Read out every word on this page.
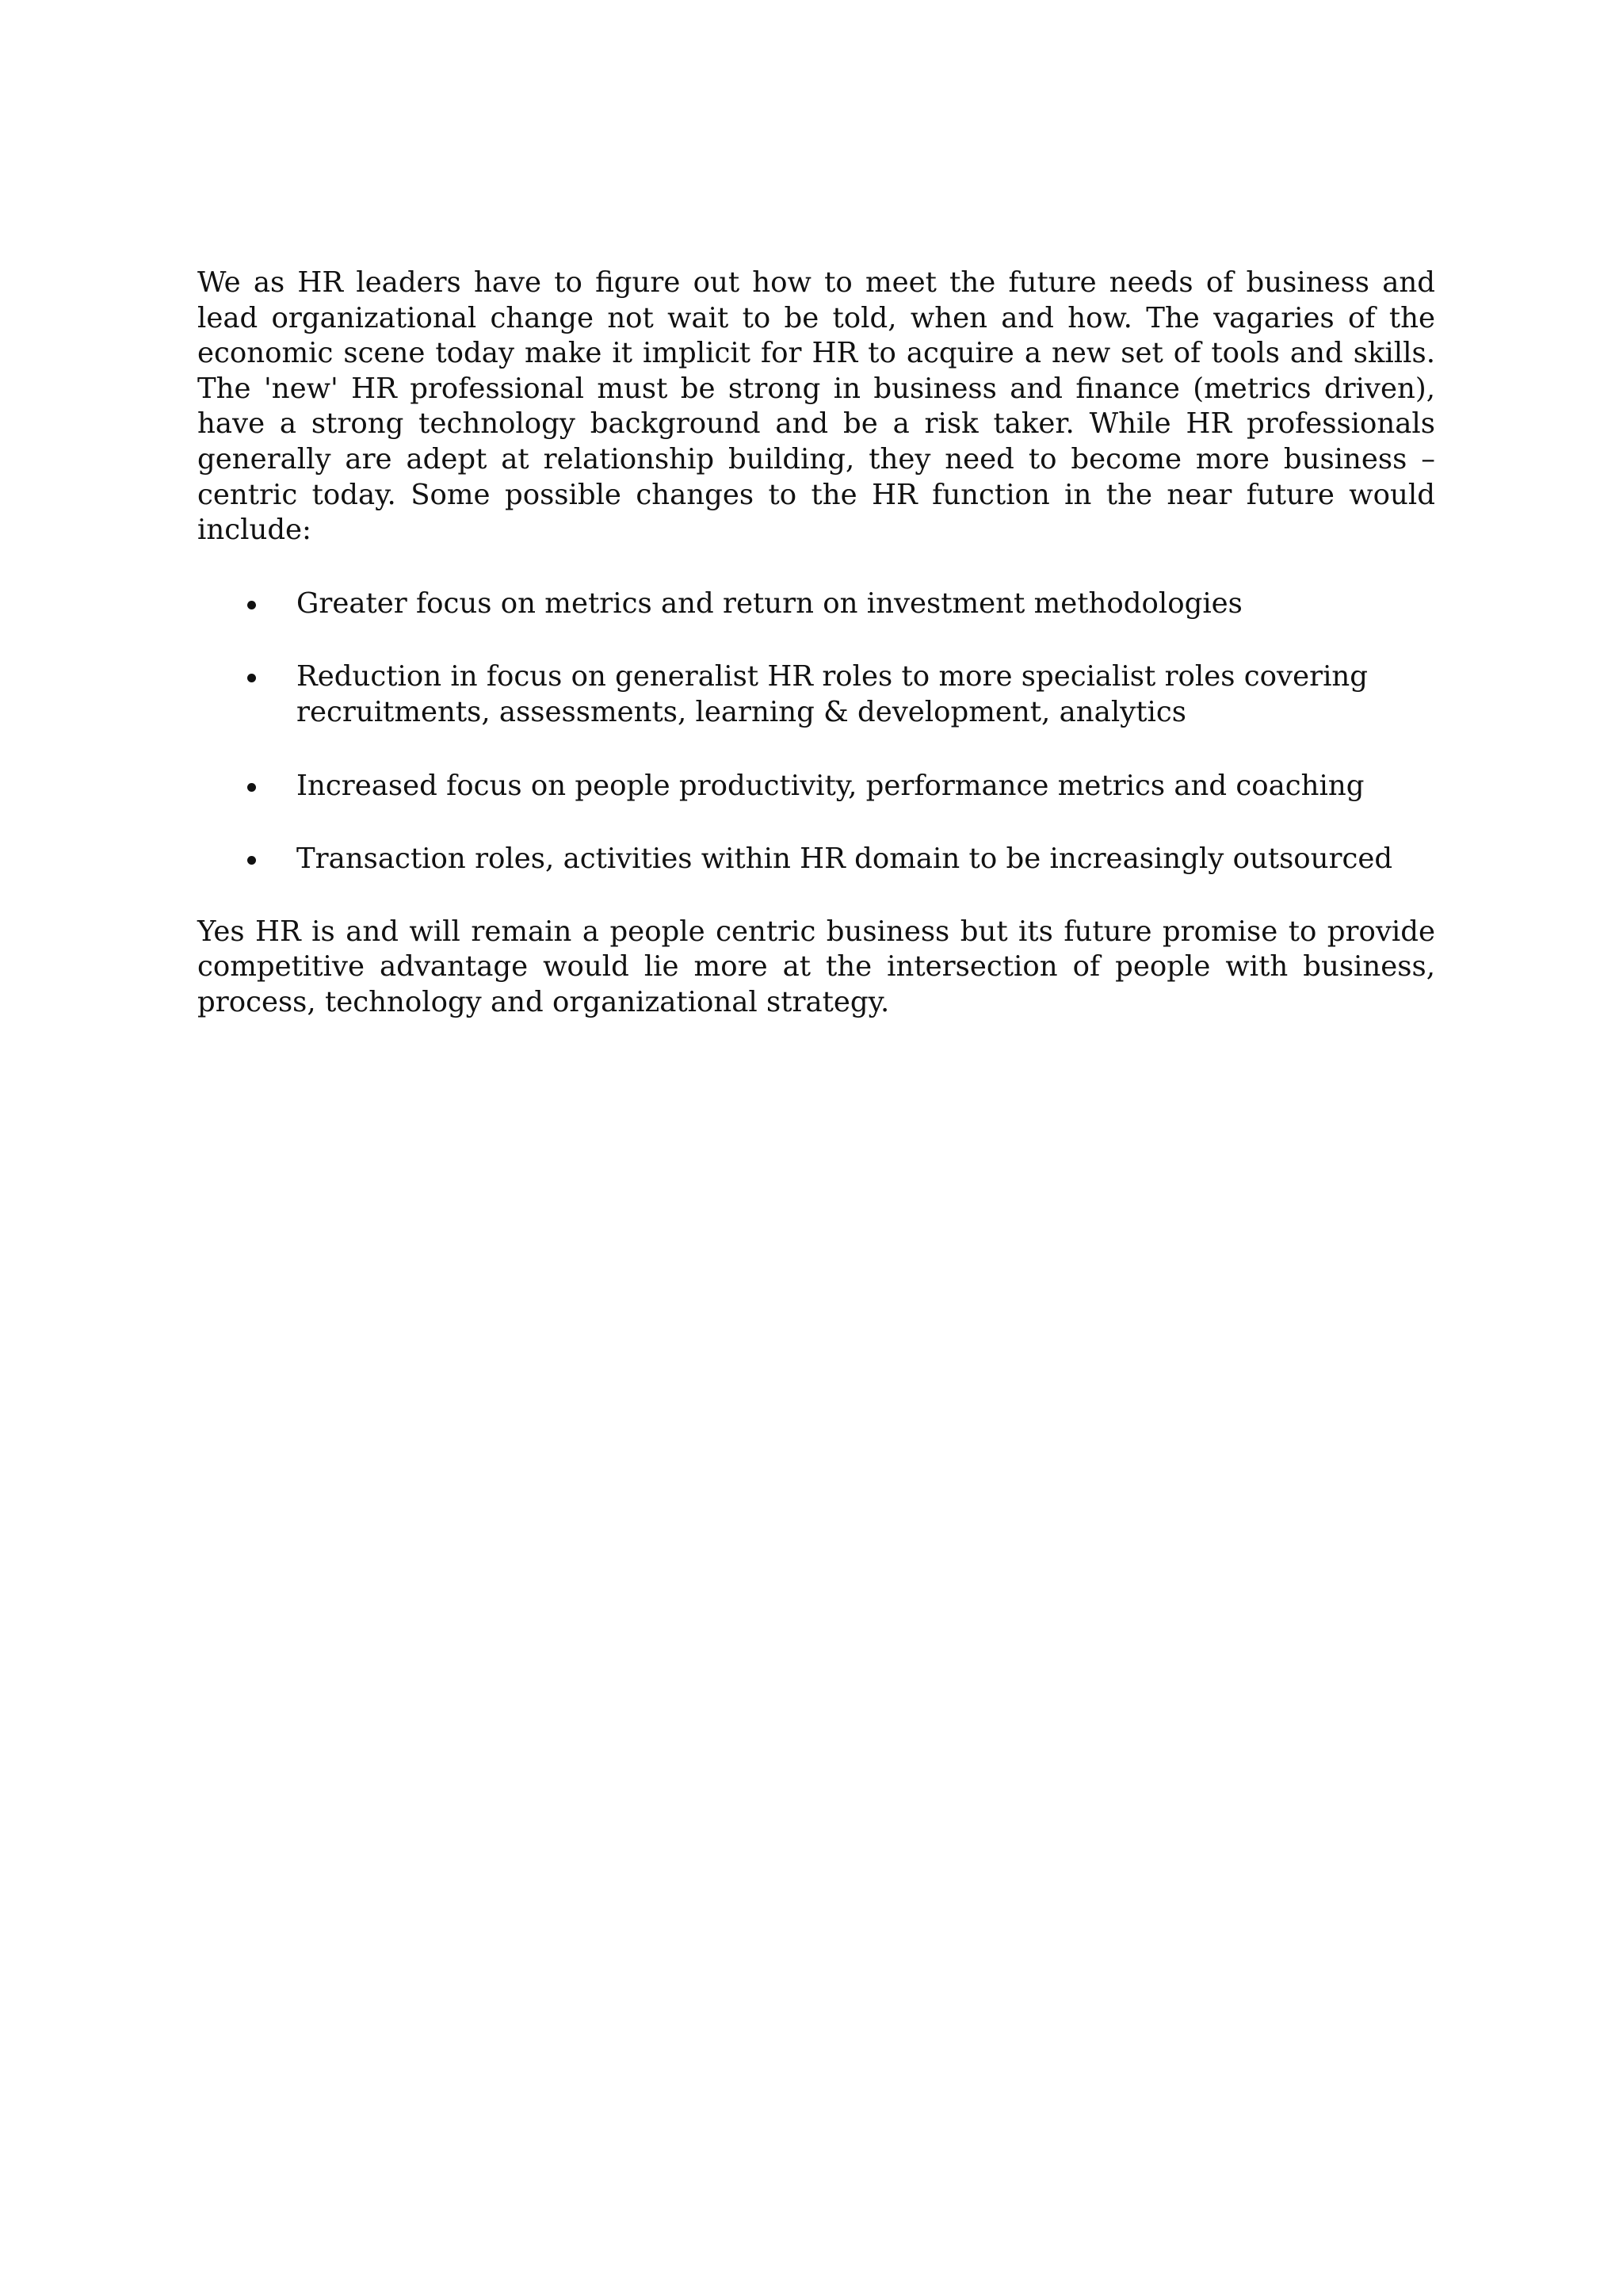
We as HR leaders have to figure out how to meet the future needs of business and lead organizational change not wait to be told, when and how. The vagaries of the economic scene today make it implicit for HR to acquire a new set of tools and skills. The 'new' HR professional must be strong in business and finance (metrics driven), have a strong technology background and be a risk taker. While HR professionals generally are adept at relationship building, they need to become more business –centric today. Some possible changes to the HR function in the near future would include:

Greater focus on metrics and return on investment methodologies
Reduction in focus on generalist HR roles to more specialist roles covering recruitments, assessments, learning & development, analytics
Increased focus on people productivity, performance metrics and coaching
Transaction roles, activities within HR domain to be increasingly outsourced

Yes HR is and will remain a people centric business but its future promise to provide competitive advantage would lie more at the intersection of people with business, process, technology and organizational strategy.
